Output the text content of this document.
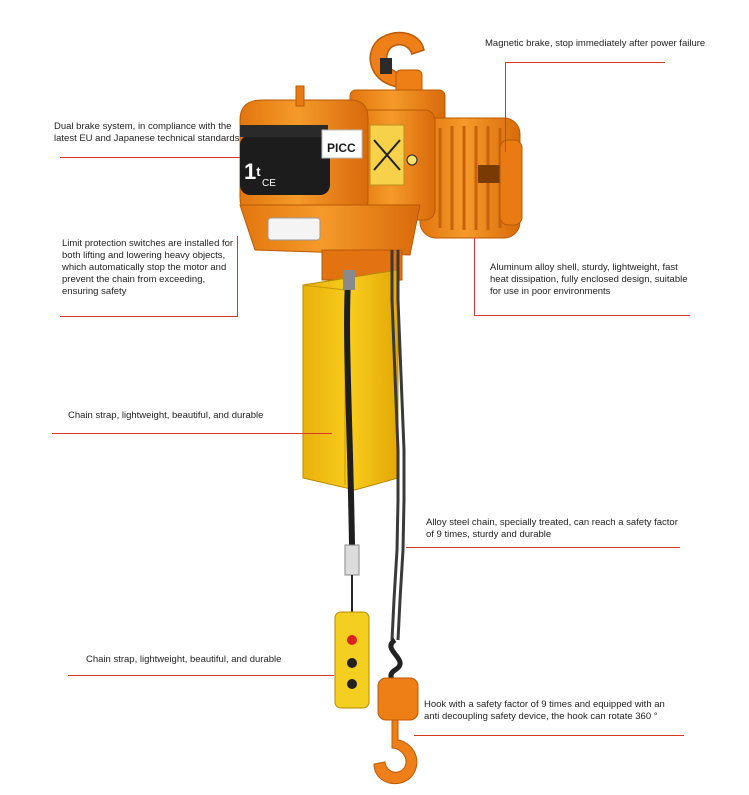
1$^t$
CE
PICC
Magnetic brake, stop immediately after power failure
Dual brake system, in compliance with the
latest EU and Japanese technical standards
Limit protection switches are installed for
both lifting and lowering heavy objects,
which automatically stop the motor and
prevent the chain from exceeding,
ensuring safety
Aluminum alloy shell, sturdy, lightweight, fast
heat dissipation, fully enclosed design, suitable
for use in poor environments
Chain strap, lightweight, beautiful, and durable
Alloy steel chain, specially treated, can reach a safety factor
of 9 times, sturdy and durable
Chain strap, lightweight, beautiful, and durable
Hook with a safety factor of 9 times and equipped with an
anti decoupling safety device, the hook can rotate 360 °
